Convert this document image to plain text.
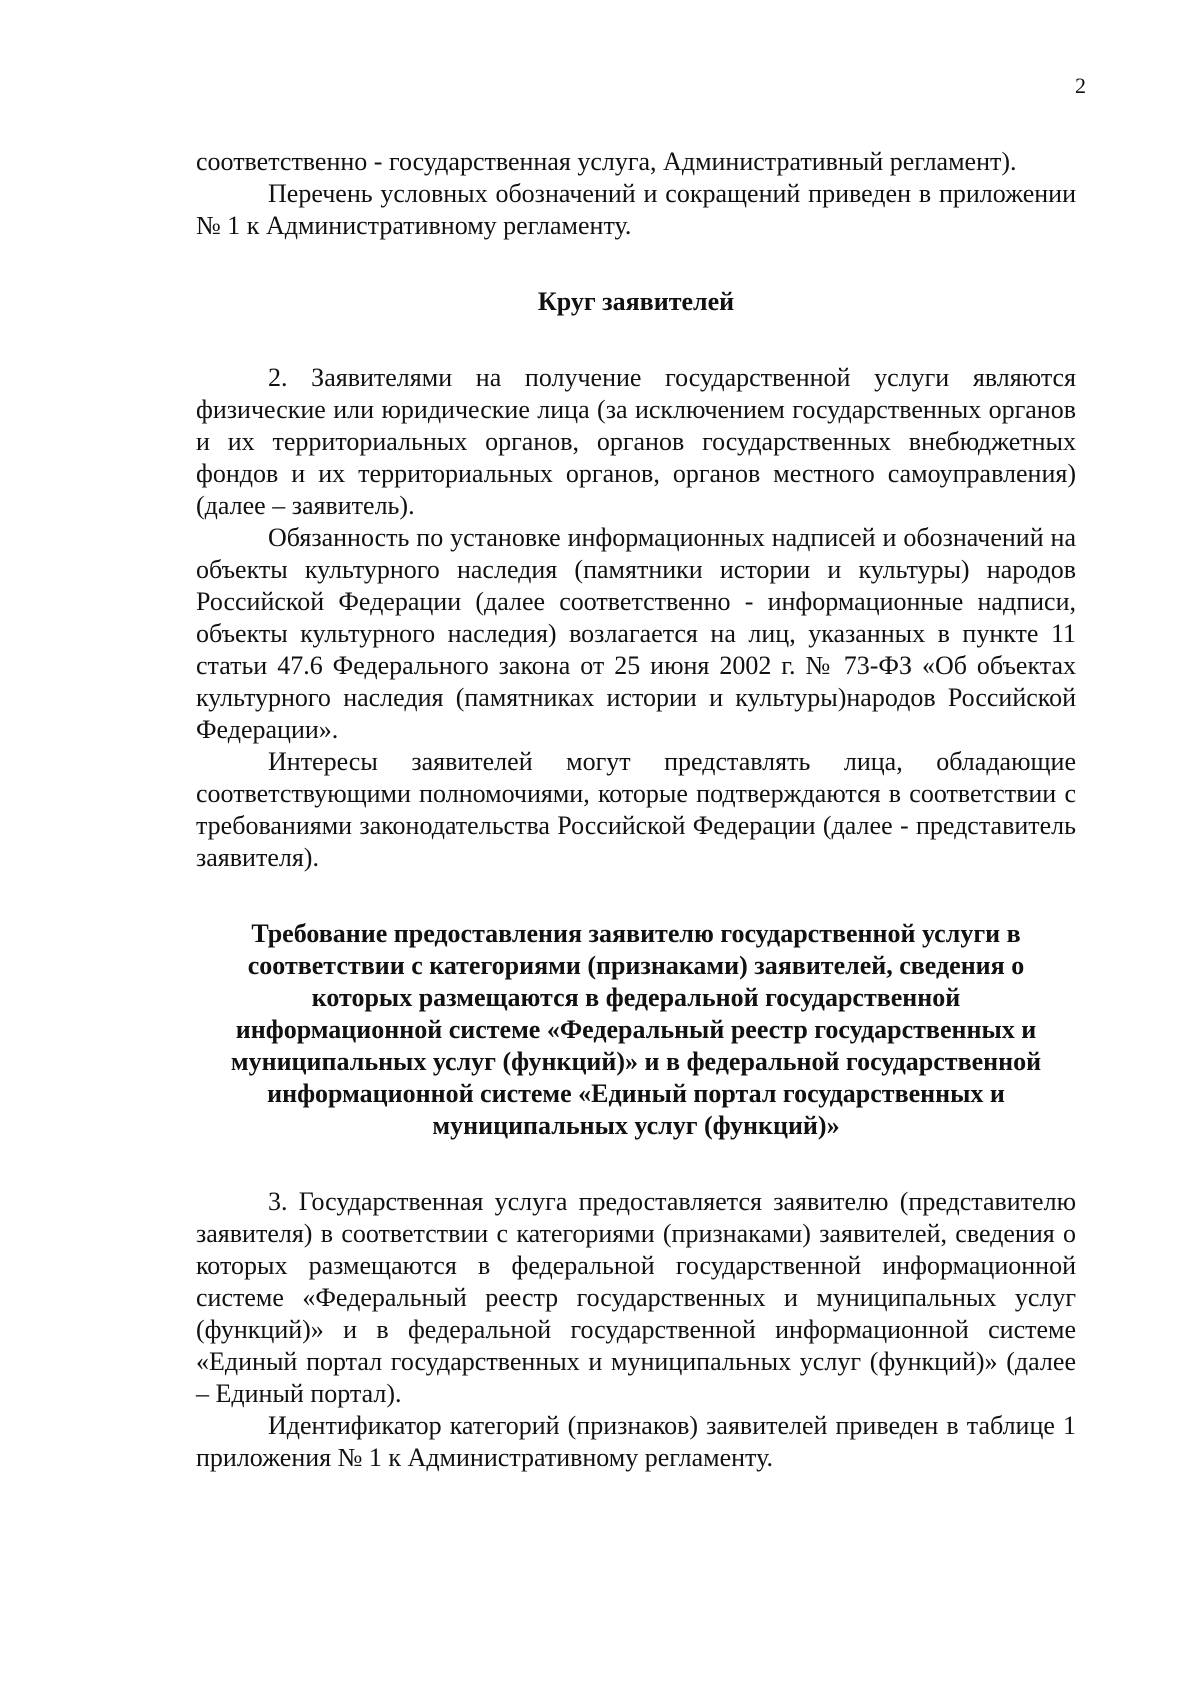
2

соответственно - государственная услуга, Административный регламент).

Перечень условных обозначений и сокращений приведен в приложении № 1 к Административному регламенту.

Круг заявителей

2. Заявителями на получение государственной услуги являются физические или юридические лица (за исключением государственных органов и их территориальных органов, органов государственных внебюджетных фондов и их территориальных органов, органов местного самоуправления) (далее – заявитель).

Обязанность по установке информационных надписей и обозначений на объекты культурного наследия (памятники истории и культуры) народов Российской Федерации (далее соответственно - информационные надписи, объекты культурного наследия) возлагается на лиц, указанных в пункте 11 статьи 47.6 Федерального закона от 25 июня 2002 г. № 73-ФЗ «Об объектах культурного наследия (памятниках истории и культуры)народов Российской Федерации».

Интересы заявителей могут представлять лица, обладающие соответствующими полномочиями, которые подтверждаются в соответствии с требованиями законодательства Российской Федерации (далее - представитель заявителя).

Требование предоставления заявителю государственной услуги в соответствии с категориями (признаками) заявителей, сведения о которых размещаются в федеральной государственной информационной системе «Федеральный реестр государственных и муниципальных услуг (функций)» и в федеральной государственной информационной системе «Единый портал государственных и муниципальных услуг (функций)»

3. Государственная услуга предоставляется заявителю (представителю заявителя) в соответствии с категориями (признаками) заявителей, сведения о которых размещаются в федеральной государственной информационной системе «Федеральный реестр государственных и муниципальных услуг (функций)» и в федеральной государственной информационной системе «Единый портал государственных и муниципальных услуг (функций)» (далее – Единый портал).

Идентификатор категорий (признаков) заявителей приведен в таблице 1 приложения № 1 к Административному регламенту.
